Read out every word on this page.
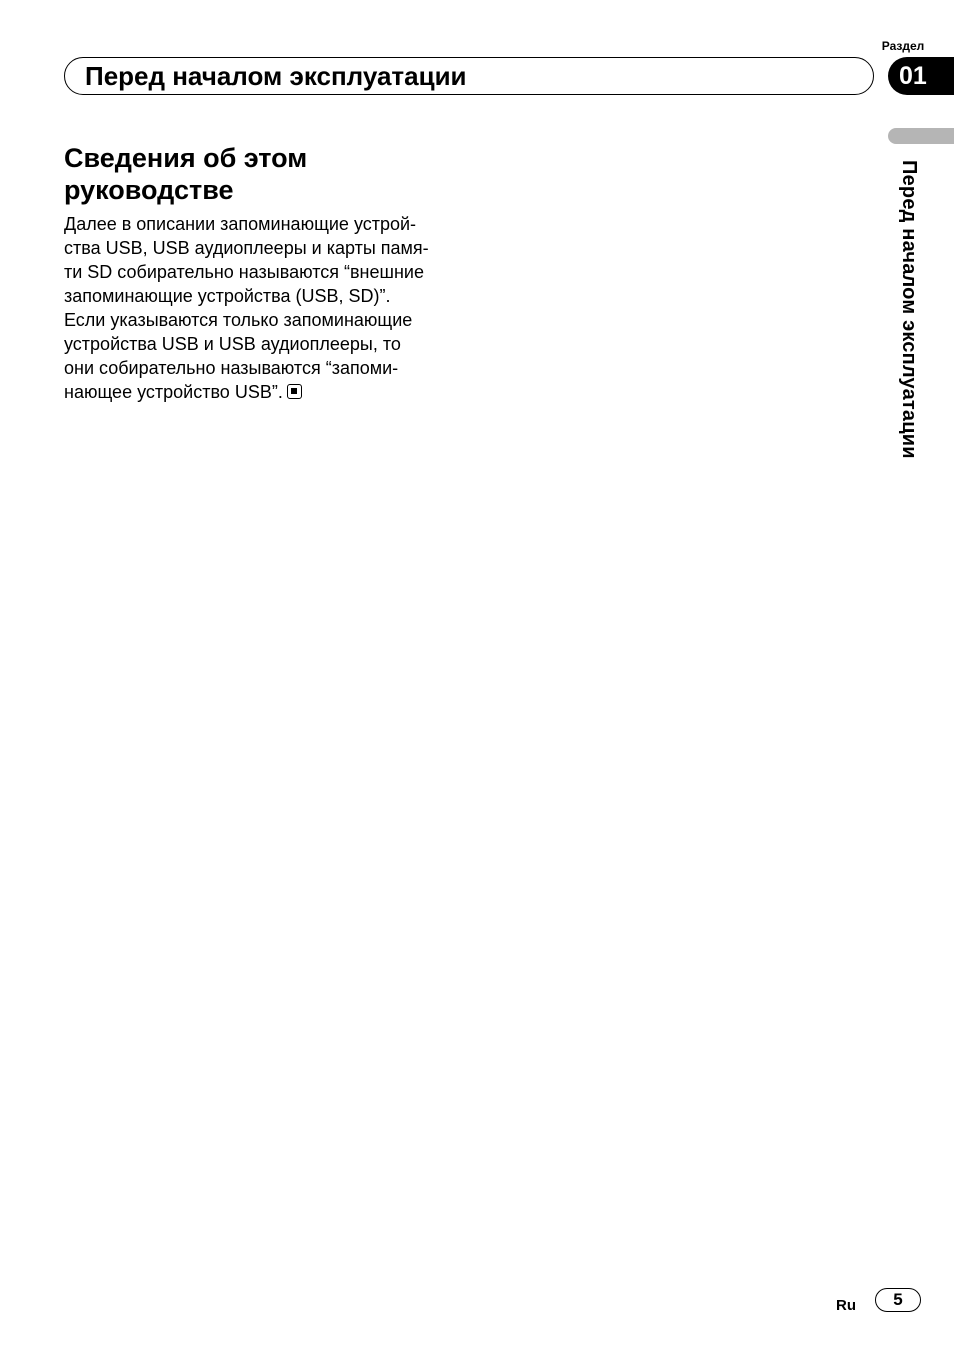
Раздел
Перед началом эксплуатации	01
Перед началом эксплуатации
Сведения об этом
руководстве
Далее в описании запоминающие устрой-
ства USB, USB аудиоплееры и карты памя-
ти SD собирательно называются “внешние
запоминающие устройства (USB, SD)”.
Если указываются только запоминающие
устройства USB и USB аудиоплееры, то
они собирательно называются “запоми-
нающее устройство USB”.
Ru	5
